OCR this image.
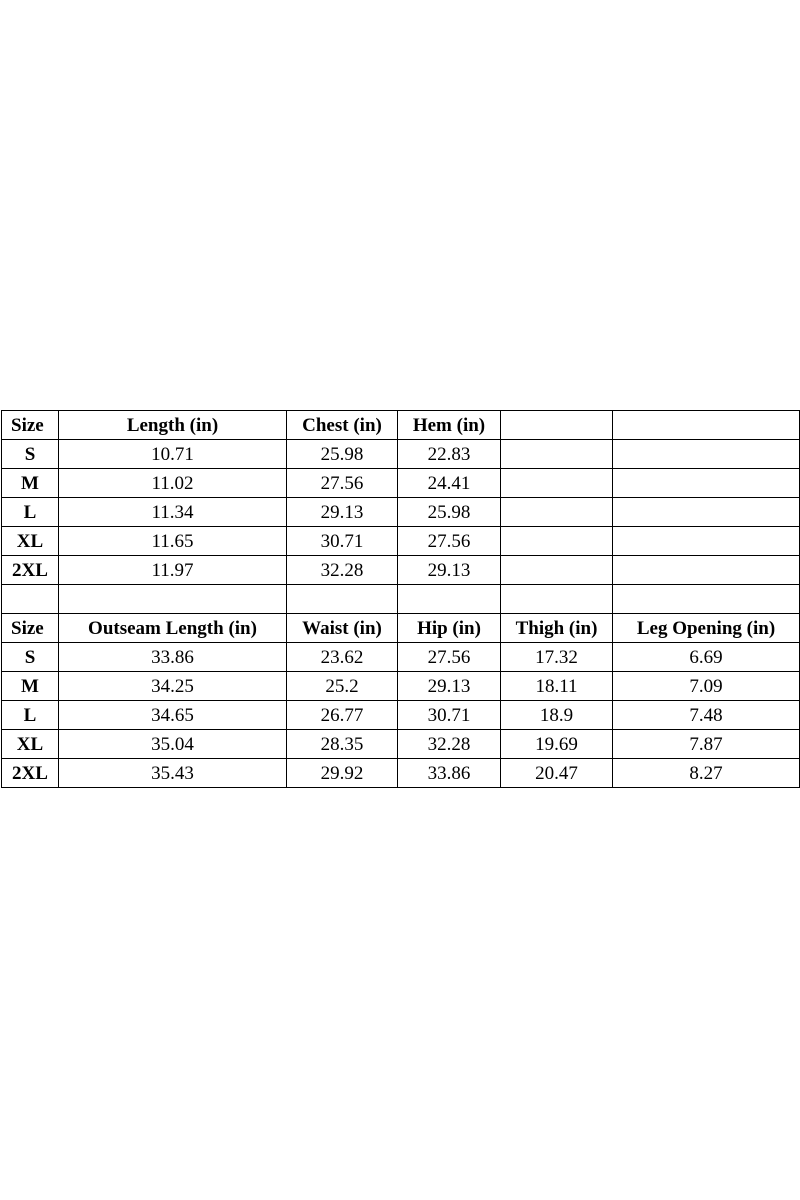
Size	Length (in)	Chest (in)	Hem (in)		
S	10.71	25.98	22.83		
M	11.02	27.56	24.41		
L	11.34	29.13	25.98		
XL	11.65	30.71	27.56		
2XL	11.97	32.28	29.13		

Size	Outseam Length (in)	Waist (in)	Hip (in)	Thigh (in)	Leg Opening (in)
S	33.86	23.62	27.56	17.32	6.69
M	34.25	25.2	29.13	18.11	7.09
L	34.65	26.77	30.71	18.9	7.48
XL	35.04	28.35	32.28	19.69	7.87
2XL	35.43	29.92	33.86	20.47	8.27
